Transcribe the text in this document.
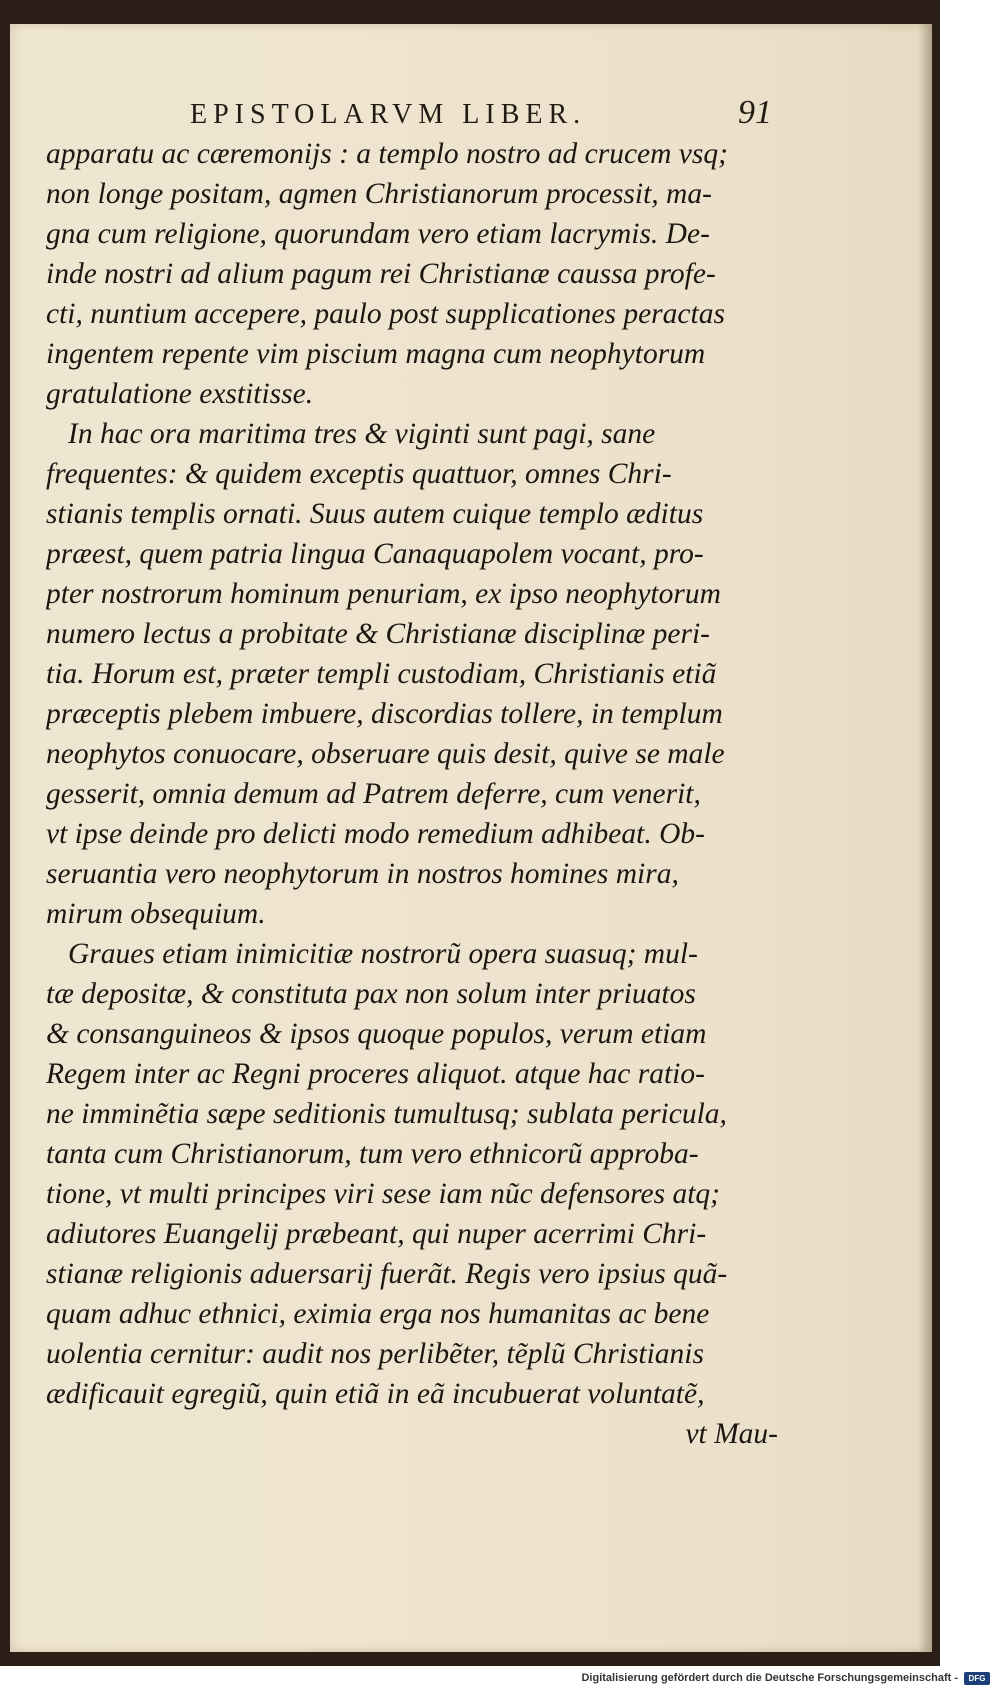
EPISTOLARVM LIBER.	91
apparatu ac cæremonijs : a templo nostro ad crucem vsq;
non longe positam, agmen Christianorum processit, ma-
gna cum religione, quorundam vero etiam lacrymis. De-
inde nostri ad alium pagum rei Christianæ caussa profe-
cti, nuntium accepere, paulo post supplicationes peractas
ingentem repente vim piscium magna cum neophytorum
gratulatione exstitisse.
In hac ora maritima tres & viginti sunt pagi, sane
frequentes: & quidem exceptis quattuor, omnes Chri-
stianis templis ornati. Suus autem cuique templo æditus
præest, quem patria lingua Canaquapolem vocant, pro-
pter nostrorum hominum penuriam, ex ipso neophytorum
numero lectus a probitate & Christianæ disciplinæ peri-
tia. Horum est, præter templi custodiam, Christianis etiã
præceptis plebem imbuere, discordias tollere, in templum
neophytos conuocare, obseruare quis desit, quive se male
gesserit, omnia demum ad Patrem deferre, cum venerit,
vt ipse deinde pro delicti modo remedium adhibeat. Ob-
seruantia vero neophytorum in nostros homines mira,
mirum obsequium.
Graues etiam inimicitiæ nostrorũ opera suasuq; mul-
tæ depositæ, & constituta pax non solum inter priuatos
& consanguineos & ipsos quoque populos, verum etiam
Regem inter ac Regni proceres aliquot. atque hac ratio-
ne imminẽtia sæpe seditionis tumultusq; sublata pericula,
tanta cum Christianorum, tum vero ethnicorũ approba-
tione, vt multi principes viri sese iam nũc defensores atq;
adiutores Euangelij præbeant, qui nuper acerrimi Chri-
stianæ religionis aduersarij fuerãt. Regis vero ipsius quã-
quam adhuc ethnici, eximia erga nos humanitas ac bene
uolentia cernitur: audit nos perlibẽter, tẽplũ Christianis
ædificauit egregiũ, quin etiã in eã incubuerat voluntatẽ,
vt Mau-
Digitalisierung gefördert durch die Deutsche Forschungsgemeinschaft -	DFG
